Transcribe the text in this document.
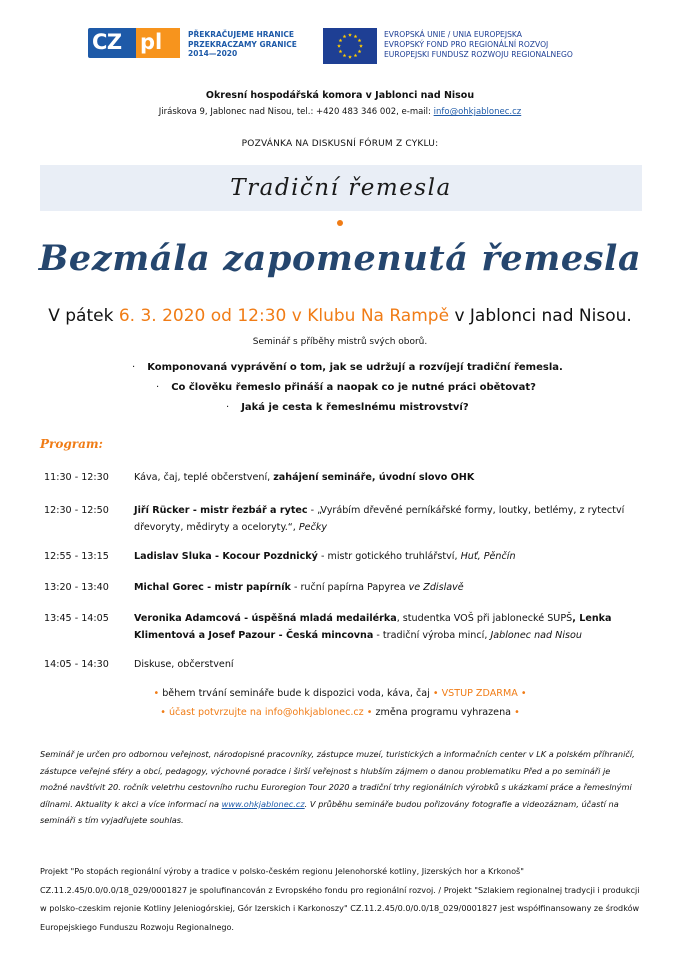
CZ pl	PŘEKRAČUJEME HRANICE
PRZEKRACZAMY GRANICE
2014—2020
EVROPSKÁ UNIE / UNIA EUROPEJSKA
EVROPSKÝ FOND PRO REGIONÁLNÍ ROZVOJ
EUROPEJSKI FUNDUSZ ROZWOJU REGIONALNEGO
Okresní hospodářská komora v Jablonci nad Nisou
Jiráskova 9, Jablonec nad Nisou, tel.: +420 483 346 002, e-mail: info@ohkjablonec.cz
POZVÁNKA NA DISKUSNÍ FÓRUM Z CYKLU:
Tradiční řemesla
Bezmála zapomenutá řemesla
V pátek 6. 3. 2020 od 12:30 v Klubu Na Rampě v Jablonci nad Nisou.
Seminář s příběhy mistrů svých oborů.
· Komponovaná vyprávění o tom, jak se udržují a rozvíjejí tradiční řemesla.
· Co člověku řemeslo přináší a naopak co je nutné práci obětovat?
· Jaká je cesta k řemeslnému mistrovství?
Program:
11:30 - 12:30	Káva, čaj, teplé občerstvení, zahájení semináře, úvodní slovo OHK
12:30 - 12:50	Jiří Rücker - mistr řezbář a rytec - „Vyrábím dřevěné perníkářské formy, loutky, betlémy, z rytectví dřevoryty, mědiryty a oceloryty.“, Pečky
12:55 - 13:15	Ladislav Sluka - Kocour Pozdnický - mistr gotického truhlářství, Huť, Pěnčín
13:20 - 13:40	Michal Gorec - mistr papírník - ruční papírna Papyrea ve Zdislavě
13:45 - 14:05	Veronika Adamcová - úspěšná mladá medailérka, studentka VOŠ při jablonecké SUPŠ, Lenka Klimentová a Josef Pazour - Česká mincovna - tradiční výroba mincí, Jablonec nad Nisou
14:05 - 14:30	Diskuse, občerstvení
• během trvání semináře bude k dispozici voda, káva, čaj • VSTUP ZDARMA •
• účast potvrzujte na info@ohkjablonec.cz • změna programu vyhrazena •
Seminář je určen pro odbornou veřejnost, národopisné pracovníky, zástupce muzeí, turistických a informačních center v LK a polském příhraničí, zástupce veřejné sféry a obcí, pedagogy, výchovné poradce i širší veřejnost s hlubším zájmem o danou problematiku Před a po semináři je možné navštívit 20. ročník veletrhu cestovního ruchu Euroregion Tour 2020 a tradiční trhy regionálních výrobků s ukázkami práce a řemeslnými dílnami. Aktuality k akci a více informací na www.ohkjablonec.cz. V průběhu semináře budou pořizovány fotografie a videozáznam, účastí na semináři s tím vyjadřujete souhlas.
Projekt "Po stopách regionální výroby a tradice v polsko-českém regionu Jelenohorské kotliny, Jizerských hor a Krkonoš" CZ.11.2.45/0.0/0.0/18_029/0001827 je spolufinancován z Evropského fondu pro regionální rozvoj. / Projekt "Szlakiem regionalnej tradycji i produkcji w polsko-czeskim rejonie Kotliny Jeleniogórskiej, Gór Izerskich i Karkonoszy" CZ.11.2.45/0.0/0.0/18_029/0001827 jest współfinansowany ze środków Europejskiego Funduszu Rozwoju Regionalnego.
